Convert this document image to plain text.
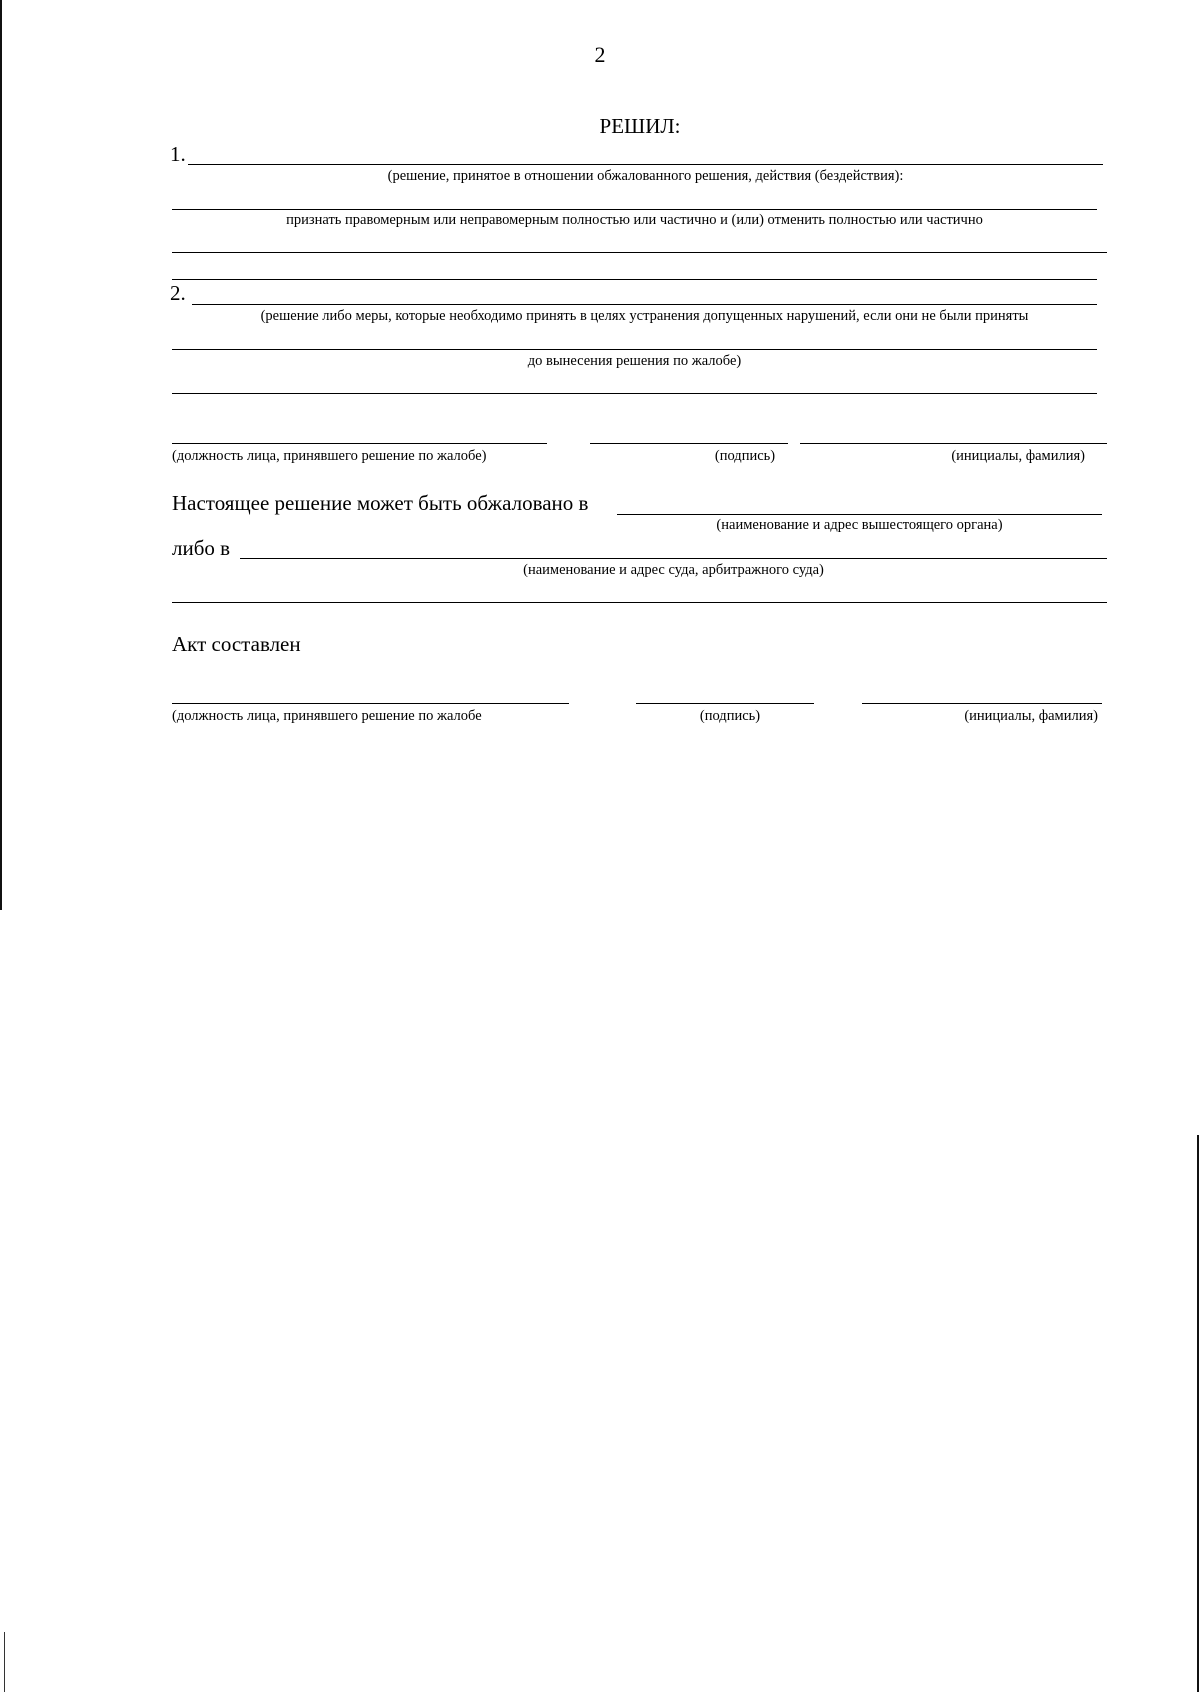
2
РЕШИЛ:
1.
(решение, принятое в отношении обжалованного решения, действия (бездействия):
признать правомерным или неправомерным полностью или частично и (или) отменить полностью или частично
2.
(решение либо меры, которые необходимо принять в целях устранения допущенных нарушений, если они не были приняты
до вынесения решения по жалобе)
(должность лица, принявшего решение по жалобе)	(подпись)	(инициалы, фамилия)
Настоящее решение может быть обжаловано в
(наименование и адрес вышестоящего органа)
либо в
(наименование и адрес суда, арбитражного суда)
Акт составлен
(должность лица, принявшего решение по жалобе	(подпись)	(инициалы, фамилия)
